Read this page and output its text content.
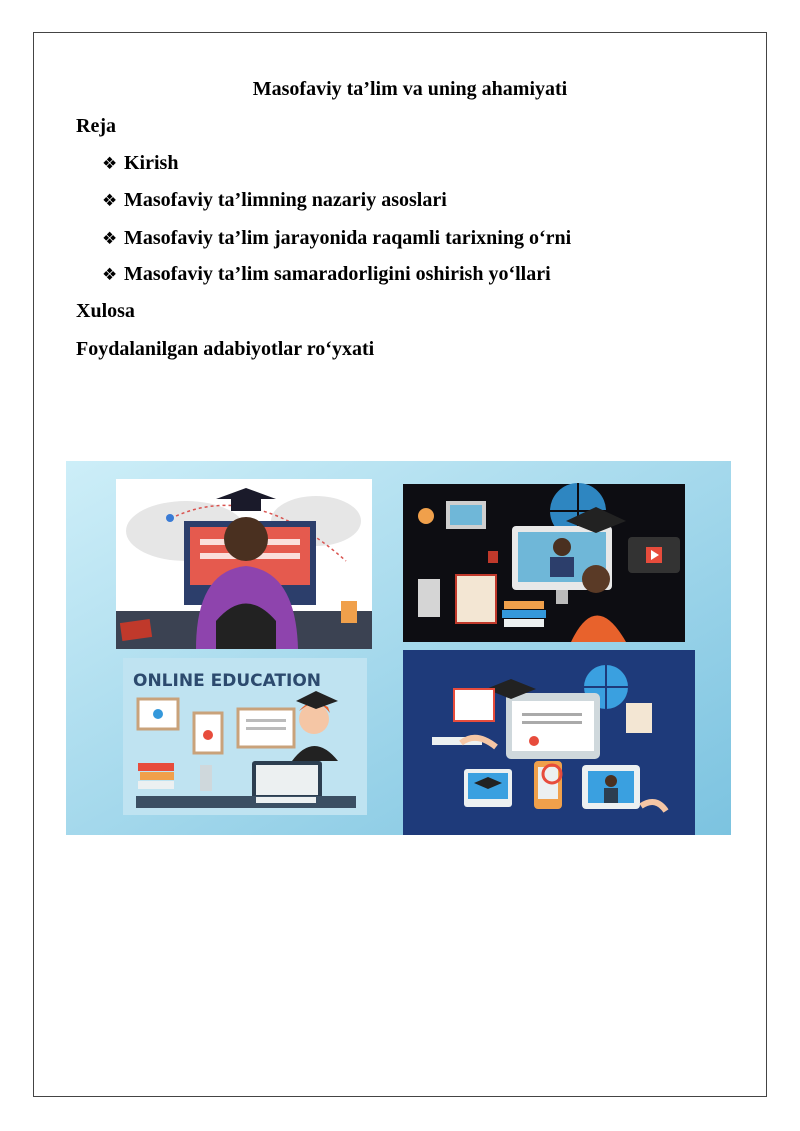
Masofaviy ta’lim va uning ahamiyati
Reja
❖ Kirish
❖ Masofaviy ta’limning nazariy asoslari
❖ Masofaviy ta’lim jarayonida raqamli tarixning o‘rni
❖ Masofaviy ta’lim samaradorligini oshirish yo‘llari
Xulosa
Foydalanilgan adabiyotlar ro‘yxati
ONLINE EDUCATION
